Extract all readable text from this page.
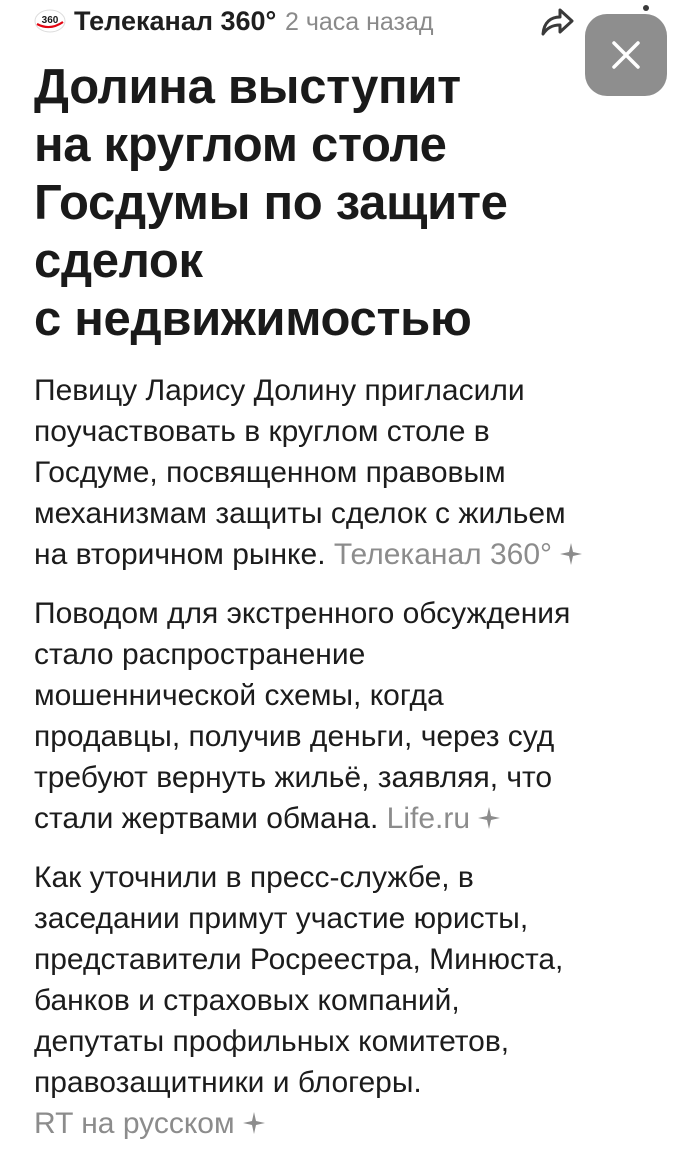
360 Телеканал 360° 2 часа назад
Долина выступит
на круглом столе
Госдумы по защите
сделок
с недвижимостью

Певицу Ларису Долину пригласили
поучаствовать в круглом столе в
Госдуме, посвященном правовым
механизмам защиты сделок с жильем
на вторичном рынке. Телеканал 360°

Поводом для экстренного обсуждения
стало распространение
мошеннической схемы, когда
продавцы, получив деньги, через суд
требуют вернуть жильё, заявляя, что
стали жертвами обмана. Life.ru

Как уточнили в пресс-службе, в
заседании примут участие юристы,
представители Росреестра, Минюста,
банков и страховых компаний,
депутаты профильных комитетов,
правозащитники и блогеры.
RT на русском
